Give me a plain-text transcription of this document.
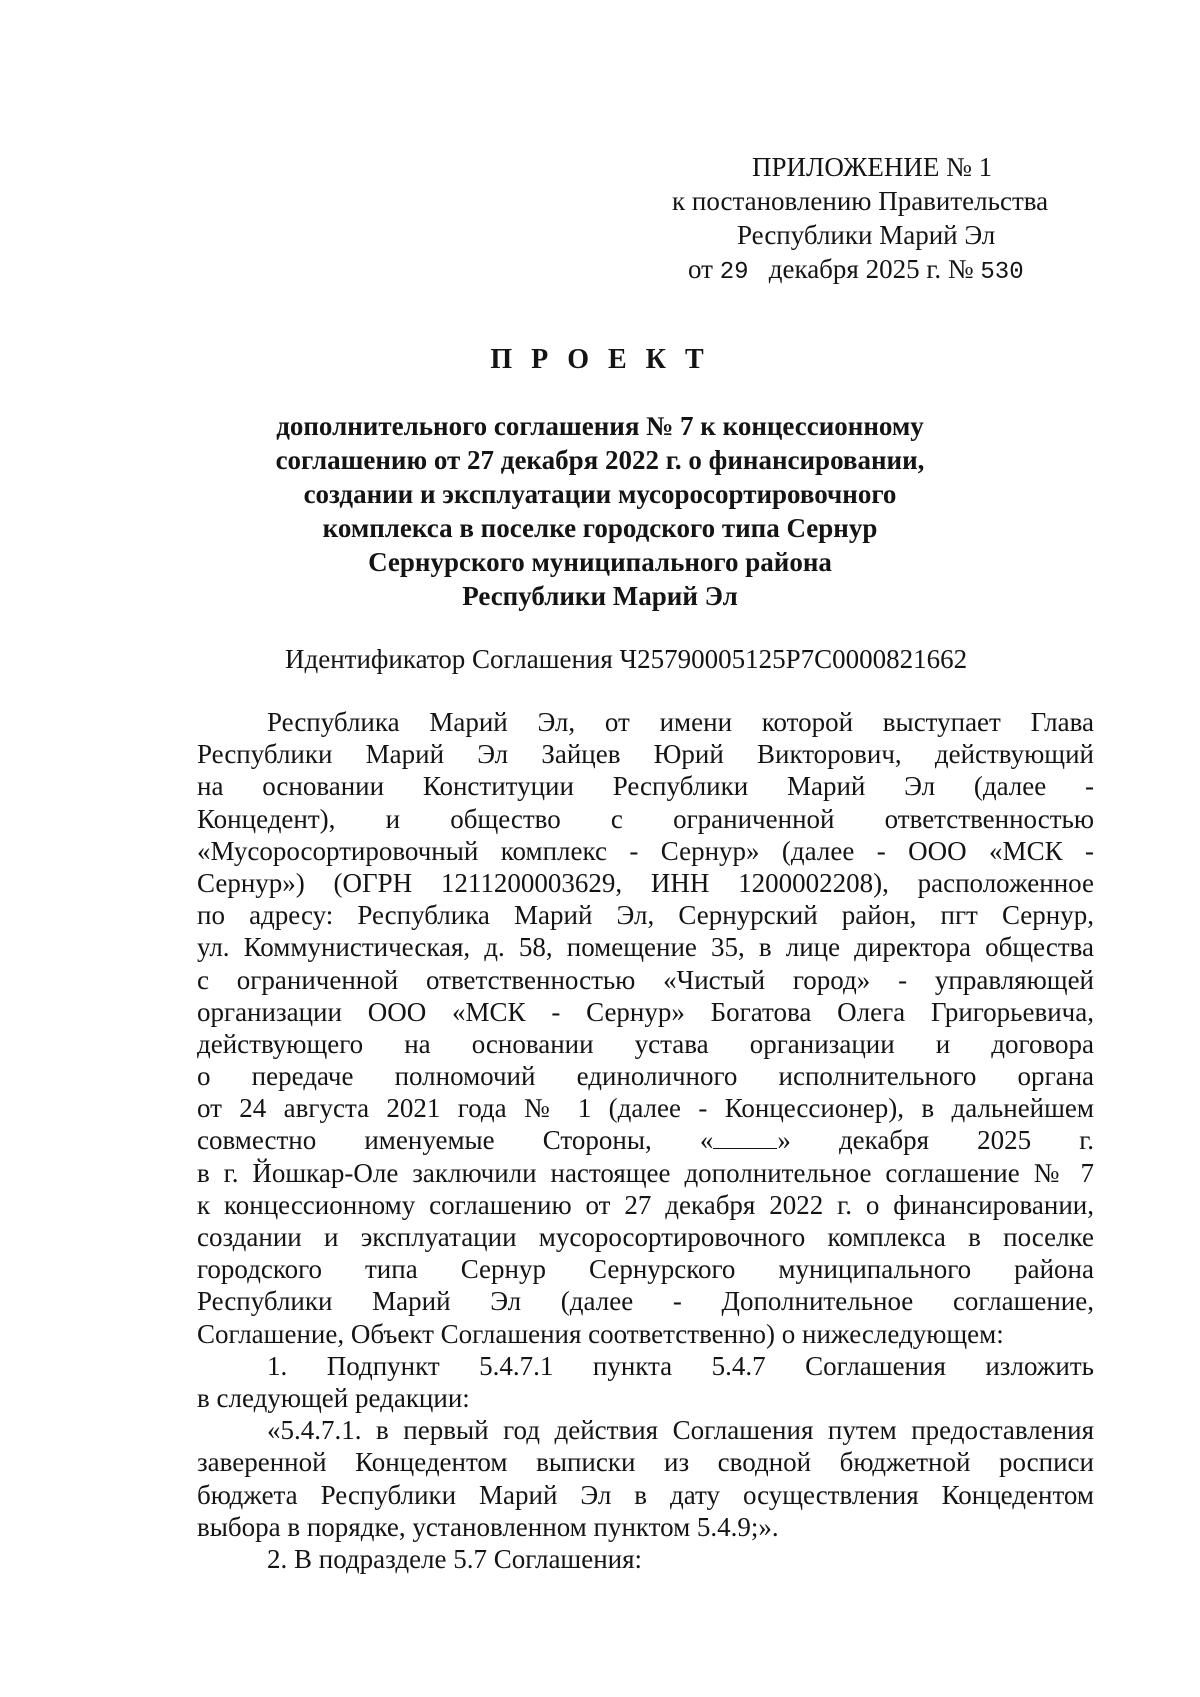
ПРИЛОЖЕНИЕ № 1
к постановлению Правительства
Республики Марий Эл
от 29 декабря 2025 г. № 530
П Р О Е К Т
дополнительного соглашения № 7 к концессионному
соглашению от 27 декабря 2022 г. о финансировании,
создании и эксплуатации мусоросортировочного
комплекса в поселке городского типа Сернур
Сернурского муниципального района
Республики Марий Эл
Идентификатор Соглашения Ч25790005125Р7С0000821662
Республика Марий Эл, от имени которой выступает Глава
Республики Марий Эл Зайцев Юрий Викторович, действующий
на основании Конституции Республики Марий Эл (далее -
Концедент), и общество с ограниченной ответственностью
«Мусоросортировочный комплекс - Сернур» (далее - ООО «МСК -
Сернур») (ОГРН 1211200003629, ИНН 1200002208), расположенное
по адресу: Республика Марий Эл, Сернурский район, пгт Сернур,
ул. Коммунистическая, д. 58, помещение 35, в лице директора общества
с ограниченной ответственностью «Чистый город» - управляющей
организации ООО «МСК - Сернур» Богатова Олега Григорьевича,
действующего на основании устава организации и договора
о передаче полномочий единоличного исполнительного органа
от 24 августа 2021 года № 1 (далее - Концессионер), в дальнейшем
совместно именуемые Стороны, « » декабря 2025 г.
в г. Йошкар-Оле заключили настоящее дополнительное соглашение № 7
к концессионному соглашению от 27 декабря 2022 г. о финансировании,
создании и эксплуатации мусоросортировочного комплекса в поселке
городского типа Сернур Сернурского муниципального района
Республики Марий Эл (далее - Дополнительное соглашение,
Соглашение, Объект Соглашения соответственно) о нижеследующем:
1. Подпункт 5.4.7.1 пункта 5.4.7 Соглашения изложить
в следующей редакции:
«5.4.7.1. в первый год действия Соглашения путем предоставления
заверенной Концедентом выписки из сводной бюджетной росписи
бюджета Республики Марий Эл в дату осуществления Концедентом
выбора в порядке, установленном пунктом 5.4.9;».
2. В подразделе 5.7 Соглашения:
